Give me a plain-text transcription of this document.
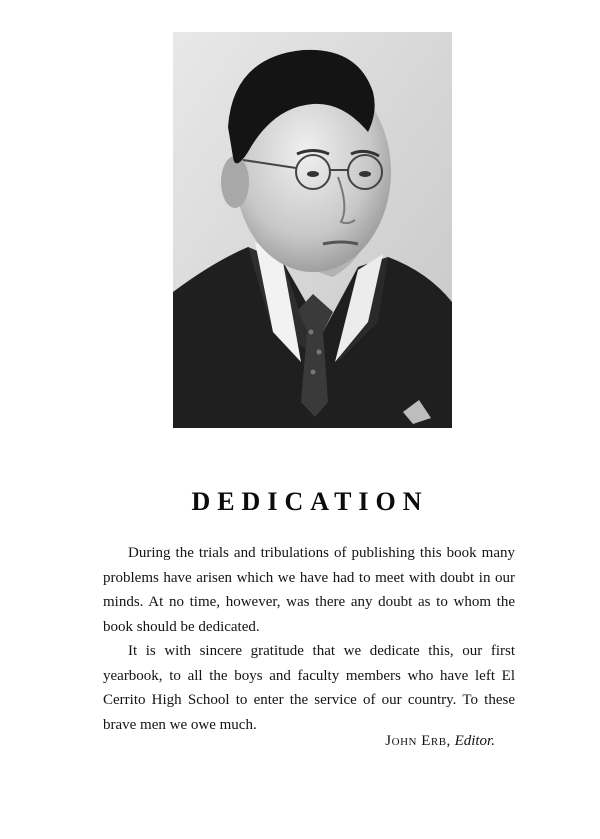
DEDICATION

During the trials and tribulations of publishing this book many problems have arisen which we have had to meet with doubt in our minds. At no time, however, was there any doubt as to whom the book should be dedicated.

It is with sincere gratitude that we dedicate this, our first yearbook, to all the boys and faculty members who have left El Cerrito High School to enter the service of our country. To these brave men we owe much.

John Erb, Editor.
